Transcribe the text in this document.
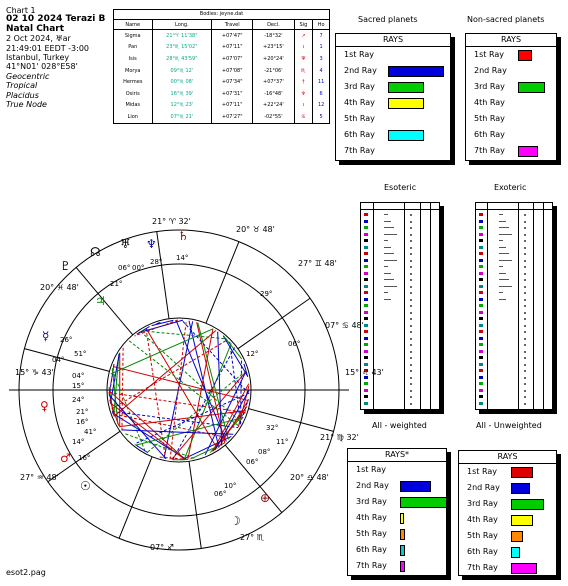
Chart 1
02 10 2024 Terazi B
Natal Chart
2 Oct 2024, ♅ar
21:49:01 EEDT -3:00
Istanbul, Turkey
41°N01' 028°E58'
Geocentric
Tropical
Placidus
True Node
Bodies: jeyne.dat
Name	Long.	Travel	Decl.	Sig	Ho
Sigma	21°♈ 11'38"	+07'47"	-18°32'	↗	7
Pan	23°♏ 15'02"	+07'11"	+23°15'	ι	1
Isis	28°♏ 43'59"	+07'07"	+20°24'	Ψ	3
Morya	09°♏ 12'	+07'08"	-21°06'	♏	4
Hermes	00°♏ 08'	+07'34"	+07°37'	†	11
Osiris	16°♏ 39'	+07'31"	-16°48'	♆	6
Midas	12°♏ 23'	+07'11"	+22°24'	ι	12
Lion	07°♏ 21'	+07'27"	-02°55'	♋	5
Sacred planets	Non-sacred planets
RAYS
1st Ray
2nd Ray
3rd Ray
4th Ray
5th Ray
6th Ray
7th Ray
RAYS
1st Ray
2nd Ray
3rd Ray
4th Ray
5th Ray
6th Ray
7th Ray
Esoteric	Exoteric
All - weighted	All - Unweighted
RAYS*
1st Ray
2nd Ray
3rd Ray
4th Ray
5th Ray
6th Ray
7th Ray
RAYS
1st Ray
2nd Ray
3rd Ray
4th Ray
5th Ray
6th Ray
7th Ray
21° ♈ 32'
20° ♉ 48'
27° ♊ 48'
07° ♋ 48'
15° ♌ 43'
21° ♍ 32'
20° ♎ 48'
27° ♏
07° ♐
15° ♑ 43'
27° ♒ 48'
20° ♓ 48'
☊
♅ ♆
♄
♃
♇
☿
♀
♂
☉
☽
⊕
06° 00°
28° 14°
21°
29°
06°
12°
26°
04°
51°
04°
15°
24°
21°
16°
14°
16°
41°	32°
11°
08°
06°
10°
06°
esot2.pag
